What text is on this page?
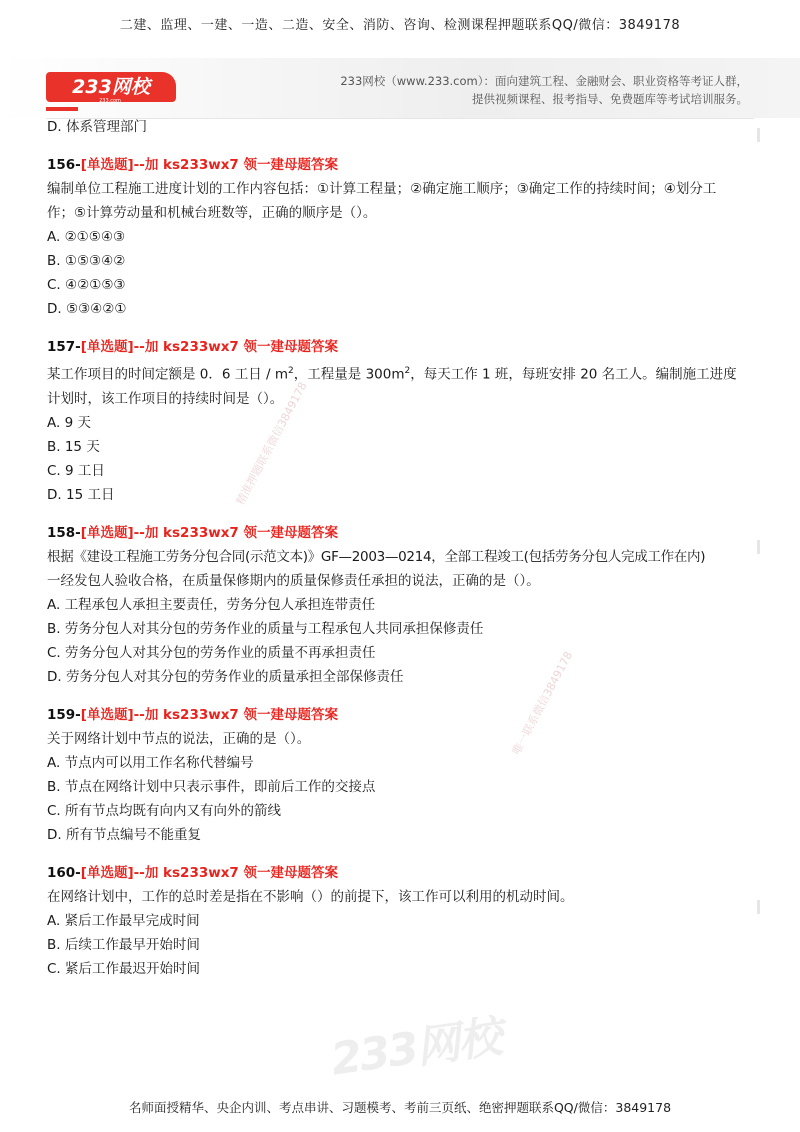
二建、监理、一建、一造、二造、安全、消防、咨询、检测课程押题联系QQ/微信：3849178
233网校
233.com
233网校（www.233.com）：面向建筑工程、金融财会、职业资格等考证人群，
提供视频课程、报考指导、免费题库等考试培训服务。
D. 体系管理部门
156-[单选题]--加 ks233wx7 领一建母题答案
编制单位工程施工进度计划的工作内容包括：①计算工程量；②确定施工顺序；③确定工作的持续时间；④划分工
作；⑤计算劳动量和机械台班数等，正确的顺序是（）。
A. ②①⑤④③
B. ①⑤③④②
C. ④②①⑤③
D. ⑤③④②①
157-[单选题]--加 ks233wx7 领一建母题答案
某工作项目的时间定额是 0．6 工日 / $m^2$，工程量是 $300m^2$，每天工作 1 班，每班安排 20 名工人。编制施工进度
计划时，该工作项目的持续时间是（）。
A. 9 天
B. 15 天
C. 9 工日
D. 15 工日
158-[单选题]--加 ks233wx7 领一建母题答案
根据《建设工程施工劳务分包合同(示范文本)》GF—2003—0214，全部工程竣工(包括劳务分包人完成工作在内)
一经发包人验收合格，在质量保修期内的质量保修责任承担的说法，正确的是（）。
A. 工程承包人承担主要责任，劳务分包人承担连带责任
B. 劳务分包人对其分包的劳务作业的质量与工程承包人共同承担保修责任
C. 劳务分包人对其分包的劳务作业的质量不再承担责任
D. 劳务分包人对其分包的劳务作业的质量承担全部保修责任
159-[单选题]--加 ks233wx7 领一建母题答案
关于网络计划中节点的说法，正确的是（）。
A. 节点内可以用工作名称代替编号
B. 节点在网络计划中只表示事件，即前后工作的交接点
C. 所有节点均既有向内又有向外的箭线
D. 所有节点编号不能重复
160-[单选题]--加 ks233wx7 领一建母题答案
在网络计划中，工作的总时差是指在不影响（）的前提下，该工作可以利用的机动时间。
A. 紧后工作最早完成时间
B. 后续工作最早开始时间
C. 紧后工作最迟开始时间
精准押题联系微信3849178
唯一联系微信3849178
233网校
名师面授精华、央企内训、考点串讲、习题模考、考前三页纸、绝密押题联系QQ/微信：3849178
